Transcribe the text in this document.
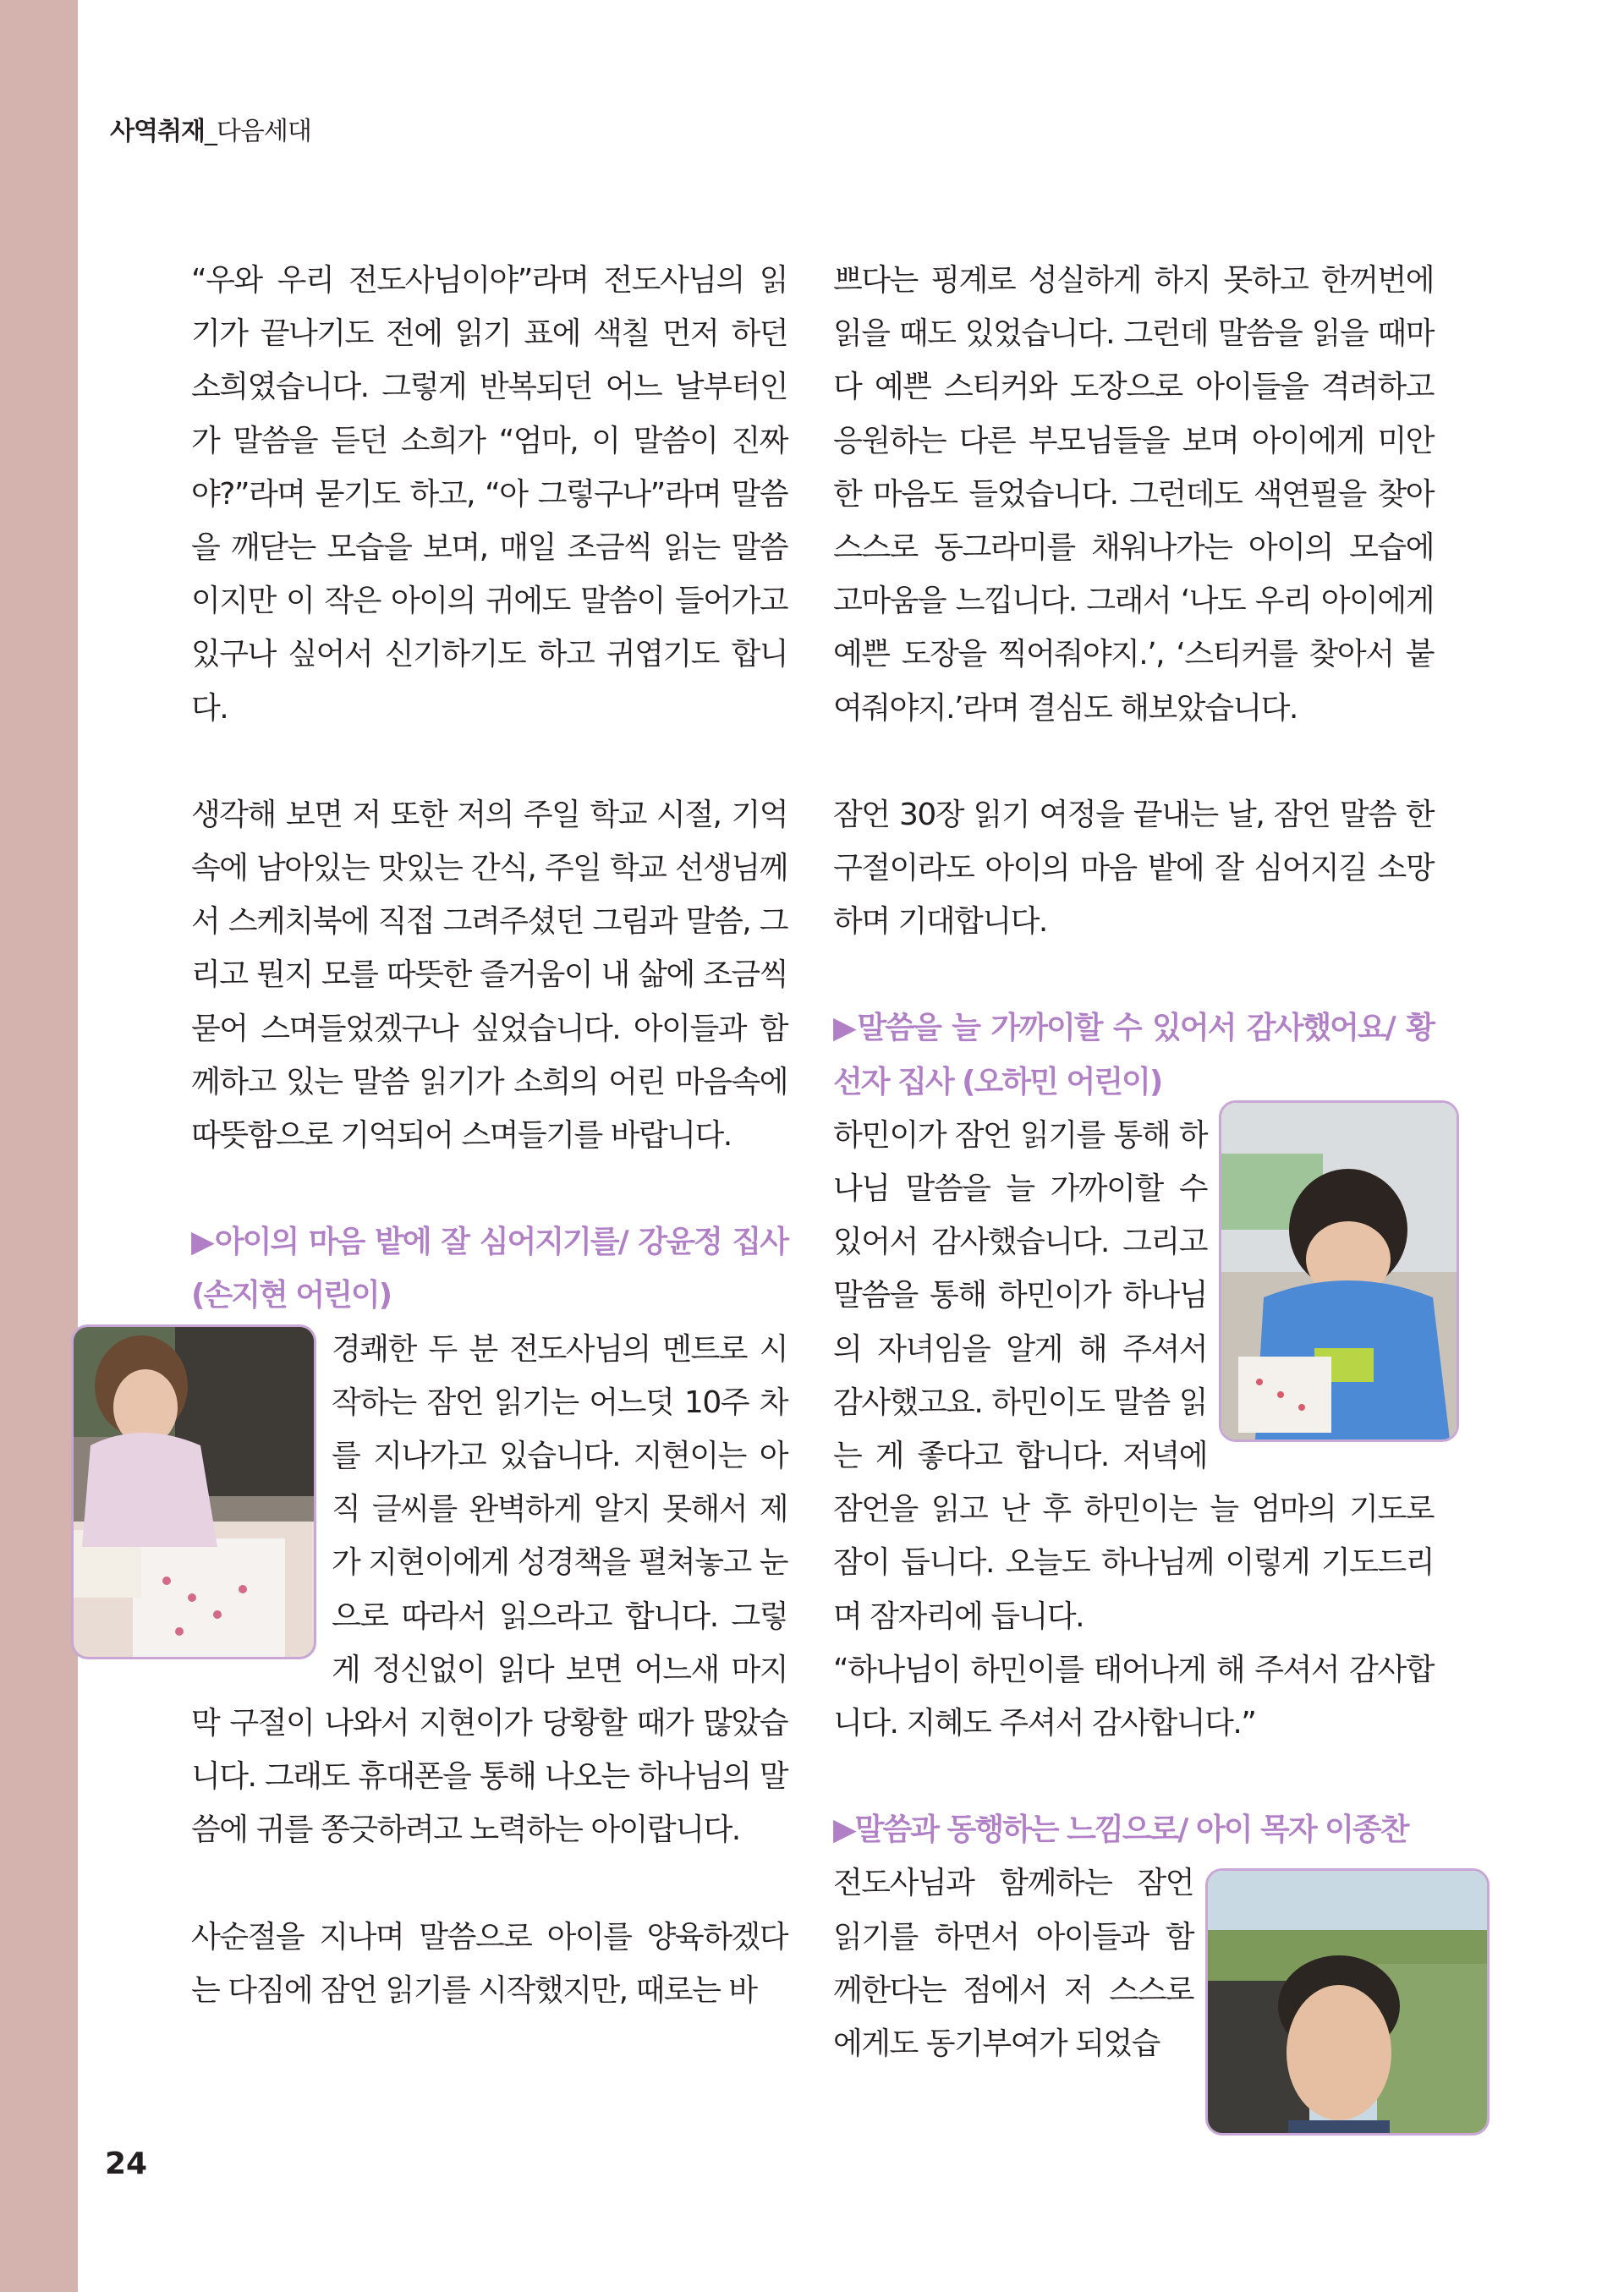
사역취재_다음세대

“우와 우리 전도사님이야”라며 전도사님의 읽기가 끝나기도 전에 읽기 표에 색칠 먼저 하던 소희였습니다. 그렇게 반복되던 어느 날부터인가 말씀을 듣던 소희가 “엄마, 이 말씀이 진짜야?”라며 묻기도 하고, “아 그렇구나”라며 말씀을 깨닫는 모습을 보며, 매일 조금씩 읽는 말씀이지만 이 작은 아이의 귀에도 말씀이 들어가고 있구나 싶어서 신기하기도 하고 귀엽기도 합니다.

생각해 보면 저 또한 저의 주일 학교 시절, 기억 속에 남아있는 맛있는 간식, 주일 학교 선생님께서 스케치북에 직접 그려주셨던 그림과 말씀, 그리고 뭔지 모를 따뜻한 즐거움이 내 삶에 조금씩 묻어 스며들었겠구나 싶었습니다. 아이들과 함께하고 있는 말씀 읽기가 소희의 어린 마음속에 따뜻함으로 기억되어 스며들기를 바랍니다.

▶아이의 마음 밭에 잘 심어지기를/ 강윤정 집사 (손지현 어린이)

경쾌한 두 분 전도사님의 멘트로 시작하는 잠언 읽기는 어느덧 10주 차를 지나가고 있습니다. 지현이는 아직 글씨를 완벽하게 알지 못해서 제가 지현이에게 성경책을 펼쳐놓고 눈으로 따라서 읽으라고 합니다. 그렇게 정신없이 읽다 보면 어느새 마지막 구절이 나와서 지현이가 당황할 때가 많았습니다. 그래도 휴대폰을 통해 나오는 하나님의 말씀에 귀를 쫑긋하려고 노력하는 아이랍니다.

사순절을 지나며 말씀으로 아이를 양육하겠다는 다짐에 잠언 읽기를 시작했지만, 때로는 바

쁘다는 핑계로 성실하게 하지 못하고 한꺼번에 읽을 때도 있었습니다. 그런데 말씀을 읽을 때마다 예쁜 스티커와 도장으로 아이들을 격려하고 응원하는 다른 부모님들을 보며 아이에게 미안한 마음도 들었습니다. 그런데도 색연필을 찾아 스스로 동그라미를 채워나가는 아이의 모습에 고마움을 느낍니다. 그래서 ‘나도 우리 아이에게 예쁜 도장을 찍어줘야지.’, ‘스티커를 찾아서 붙여줘야지.’라며 결심도 해보았습니다.

잠언 30장 읽기 여정을 끝내는 날, 잠언 말씀 한 구절이라도 아이의 마음 밭에 잘 심어지길 소망하며 기대합니다.

▶말씀을 늘 가까이할 수 있어서 감사했어요/ 황선자 집사 (오하민 어린이)

하민이가 잠언 읽기를 통해 하나님 말씀을 늘 가까이할 수 있어서 감사했습니다. 그리고 말씀을 통해 하민이가 하나님의 자녀임을 알게 해 주셔서 감사했고요. 하민이도 말씀 읽는 게 좋다고 합니다. 저녁에 잠언을 읽고 난 후 하민이는 늘 엄마의 기도로 잠이 듭니다. 오늘도 하나님께 이렇게 기도드리며 잠자리에 듭니다.

“하나님이 하민이를 태어나게 해 주셔서 감사합니다. 지혜도 주셔서 감사합니다.”

▶말씀과 동행하는 느낌으로/ 아이 목자 이종찬

전도사님과 함께하는 잠언 읽기를 하면서 아이들과 함께한다는 점에서 저 스스로에게도 동기부여가 되었습

24
